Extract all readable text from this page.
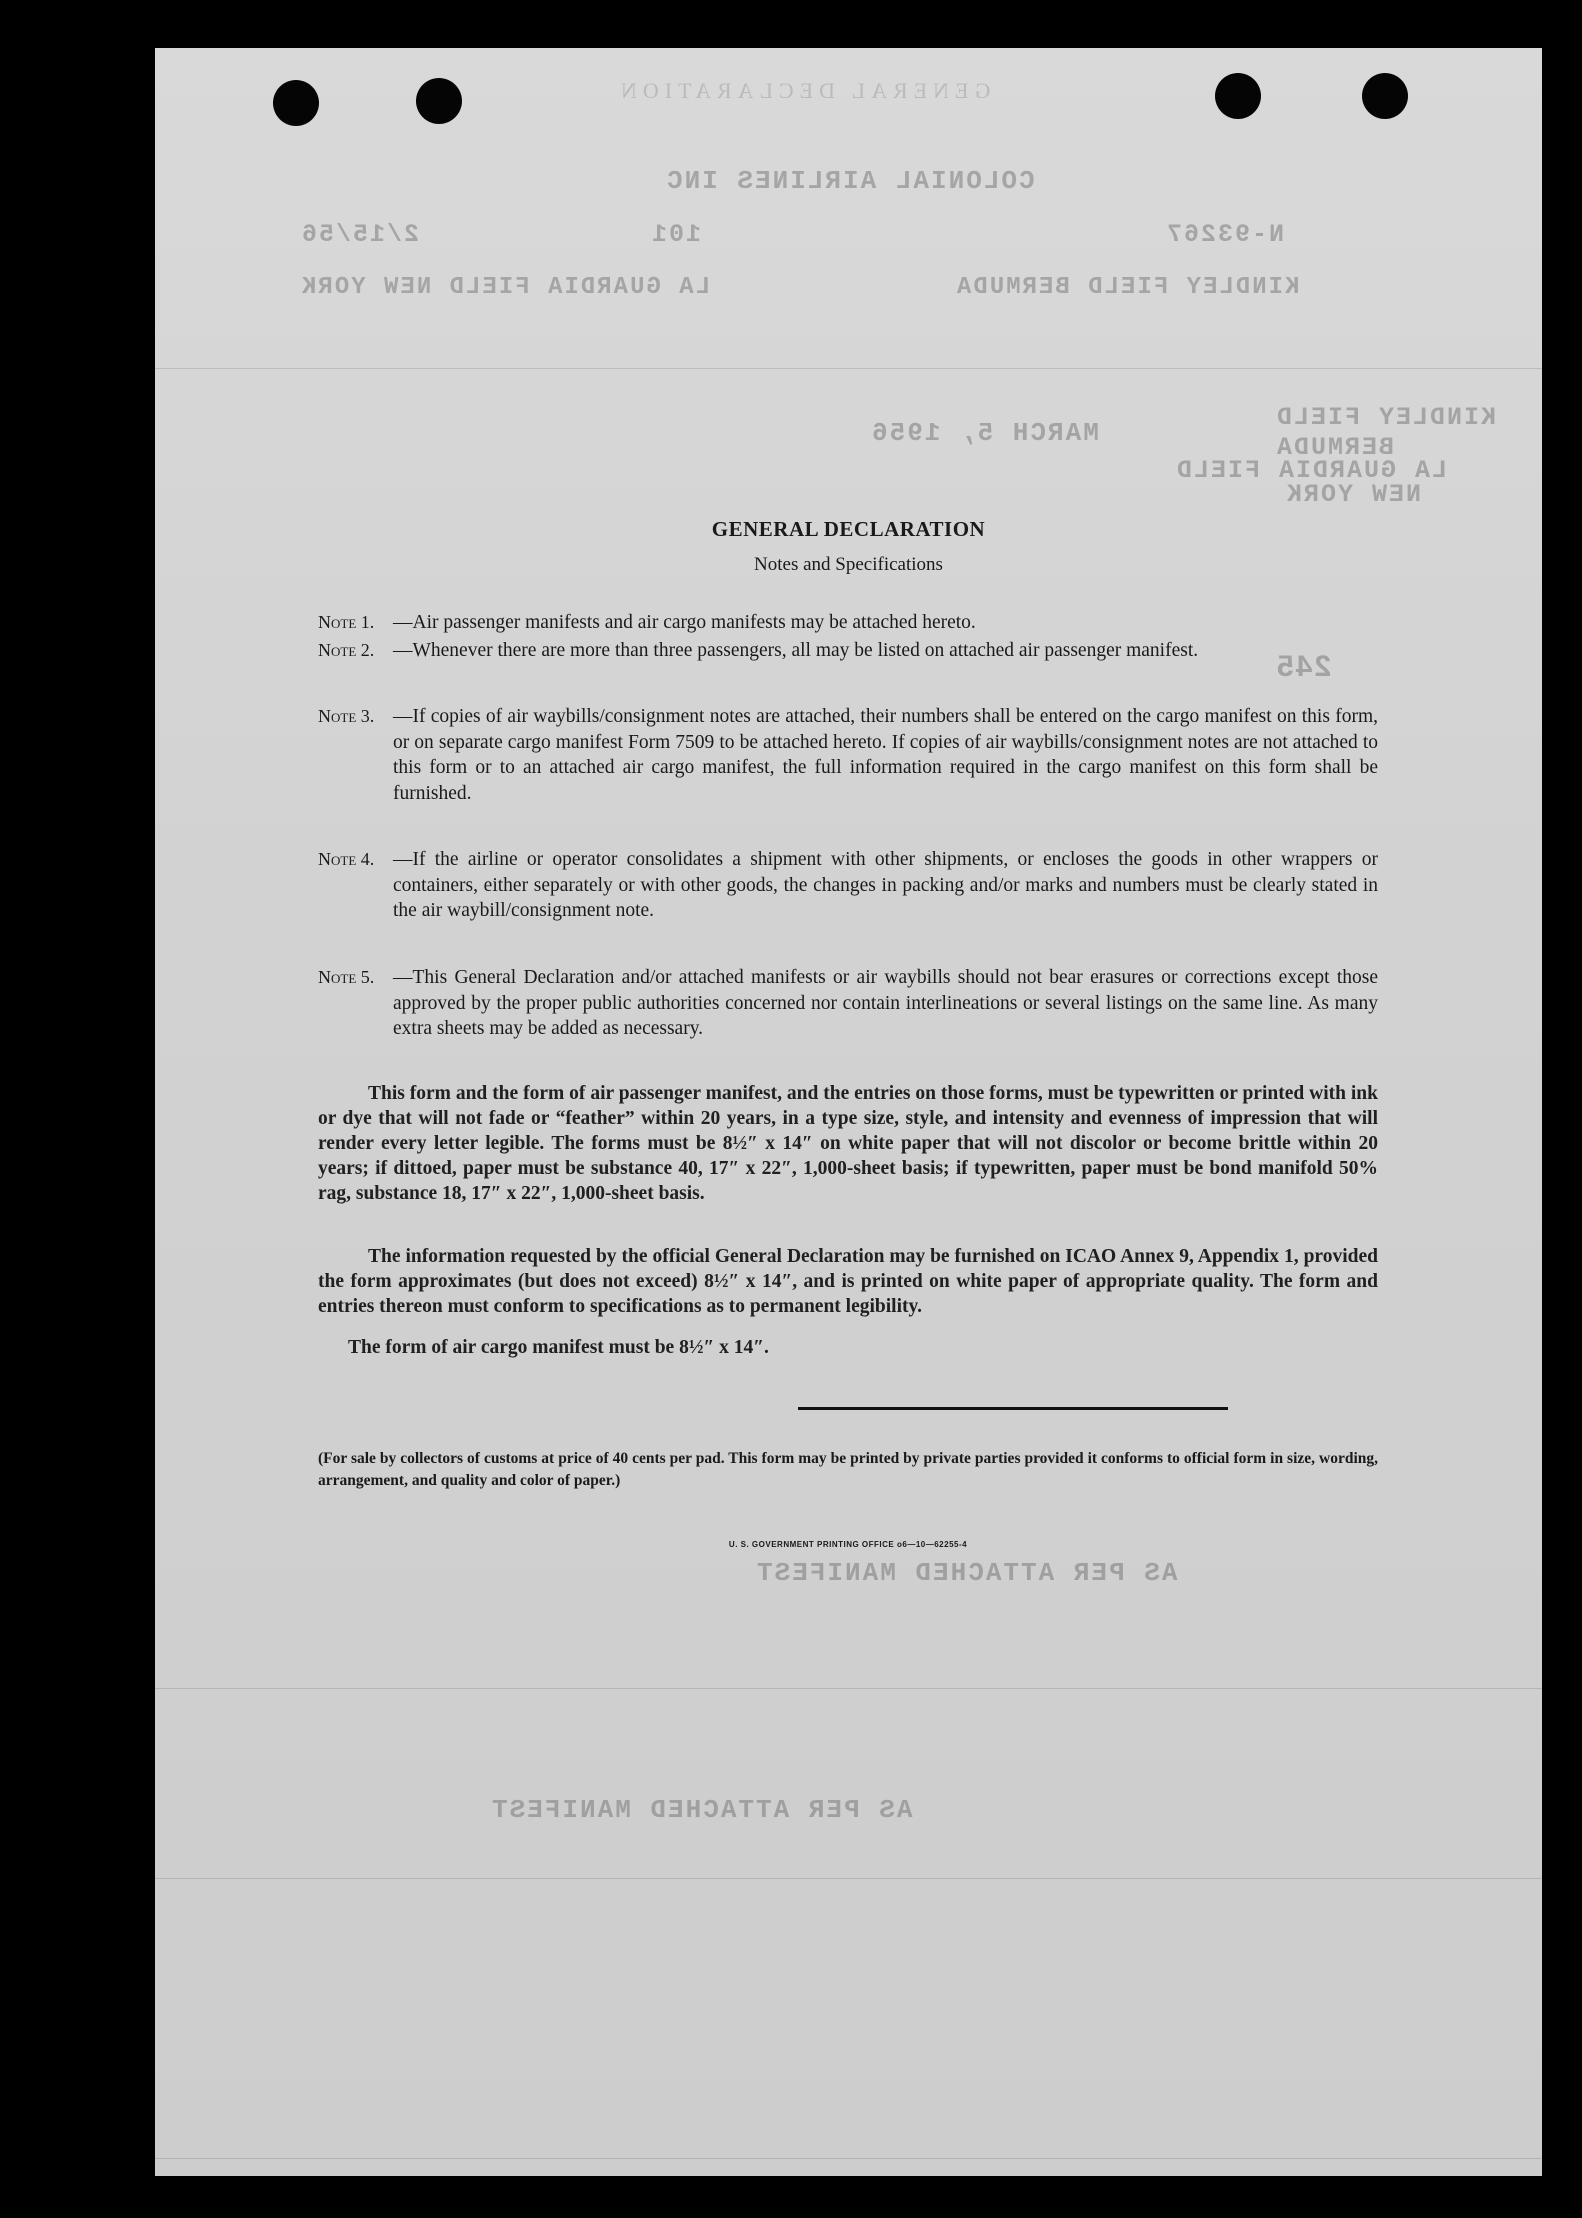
GENERAL DECLARATION
COLONIAL AIRLINES INC
N-93267
101
2/15/56
KINDLEY FIELD BERMUDA
LA GUARDIA FIELD NEW YORK
KINDLEY FIELD
BERMUDA
LA GUARDIA FIELD
NEW YORK
MARCH 5, 1956
245
AS PER ATTACHED MANIFEST
AS PER ATTACHED MANIFEST
GENERAL DECLARATION
Notes and Specifications
Note 1. —Air passenger manifests and air cargo manifests may be attached hereto.
Note 2. —Whenever there are more than three passengers, all may be listed on attached air passenger manifest.
Note 3. —If copies of air waybills/consignment notes are attached, their numbers shall be entered on the cargo manifest on this form, or on separate cargo manifest Form 7509 to be attached hereto. If copies of air waybills/consignment notes are not attached to this form or to an attached air cargo manifest, the full information required in the cargo manifest on this form shall be furnished.
Note 4. —If the airline or operator consolidates a shipment with other shipments, or encloses the goods in other wrappers or containers, either separately or with other goods, the changes in packing and/or marks and numbers must be clearly stated in the air waybill/consignment note.
Note 5. —This General Declaration and/or attached manifests or air waybills should not bear erasures or corrections except those approved by the proper public authorities concerned nor contain interlineations or several listings on the same line. As many extra sheets may be added as necessary.
This form and the form of air passenger manifest, and the entries on those forms, must be typewritten or printed with ink or dye that will not fade or “feather” within 20 years, in a type size, style, and intensity and evenness of impression that will render every letter legible. The forms must be 8½″ x 14″ on white paper that will not discolor or become brittle within 20 years; if dittoed, paper must be substance 40, 17″ x 22″, 1,000-sheet basis; if typewritten, paper must be bond manifold 50% rag, substance 18, 17″ x 22″, 1,000-sheet basis.
The information requested by the official General Declaration may be furnished on ICAO Annex 9, Appendix 1, provided the form approximates (but does not exceed) 8½″ x 14″, and is printed on white paper of appropriate quality. The form and entries thereon must conform to specifications as to permanent legibility.
The form of air cargo manifest must be 8½″ x 14″.
(For sale by collectors of customs at price of 40 cents per pad. This form may be printed by private parties provided it conforms to official form in size, wording, arrangement, and quality and color of paper.)
U. S. GOVERNMENT PRINTING OFFICE o6—10—62255-4
